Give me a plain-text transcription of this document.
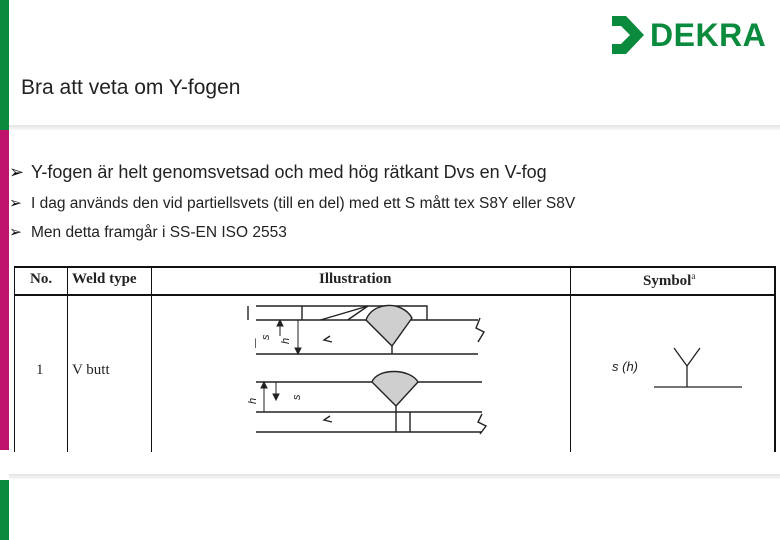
DEKRA
Bra att veta om Y-fogen
➢ Y-fogen är helt genomsvetsad och med hög rätkant Dvs en V-fog
➢ I dag används den vid partiellsvets (till en del) med ett S mått tex S8Y eller S8V
➢ Men detta framgår i SS-EN ISO 2553
No. Weld type	Illustration	Symbol$^a$
1 V butt
s
h
h
s
s (h)
